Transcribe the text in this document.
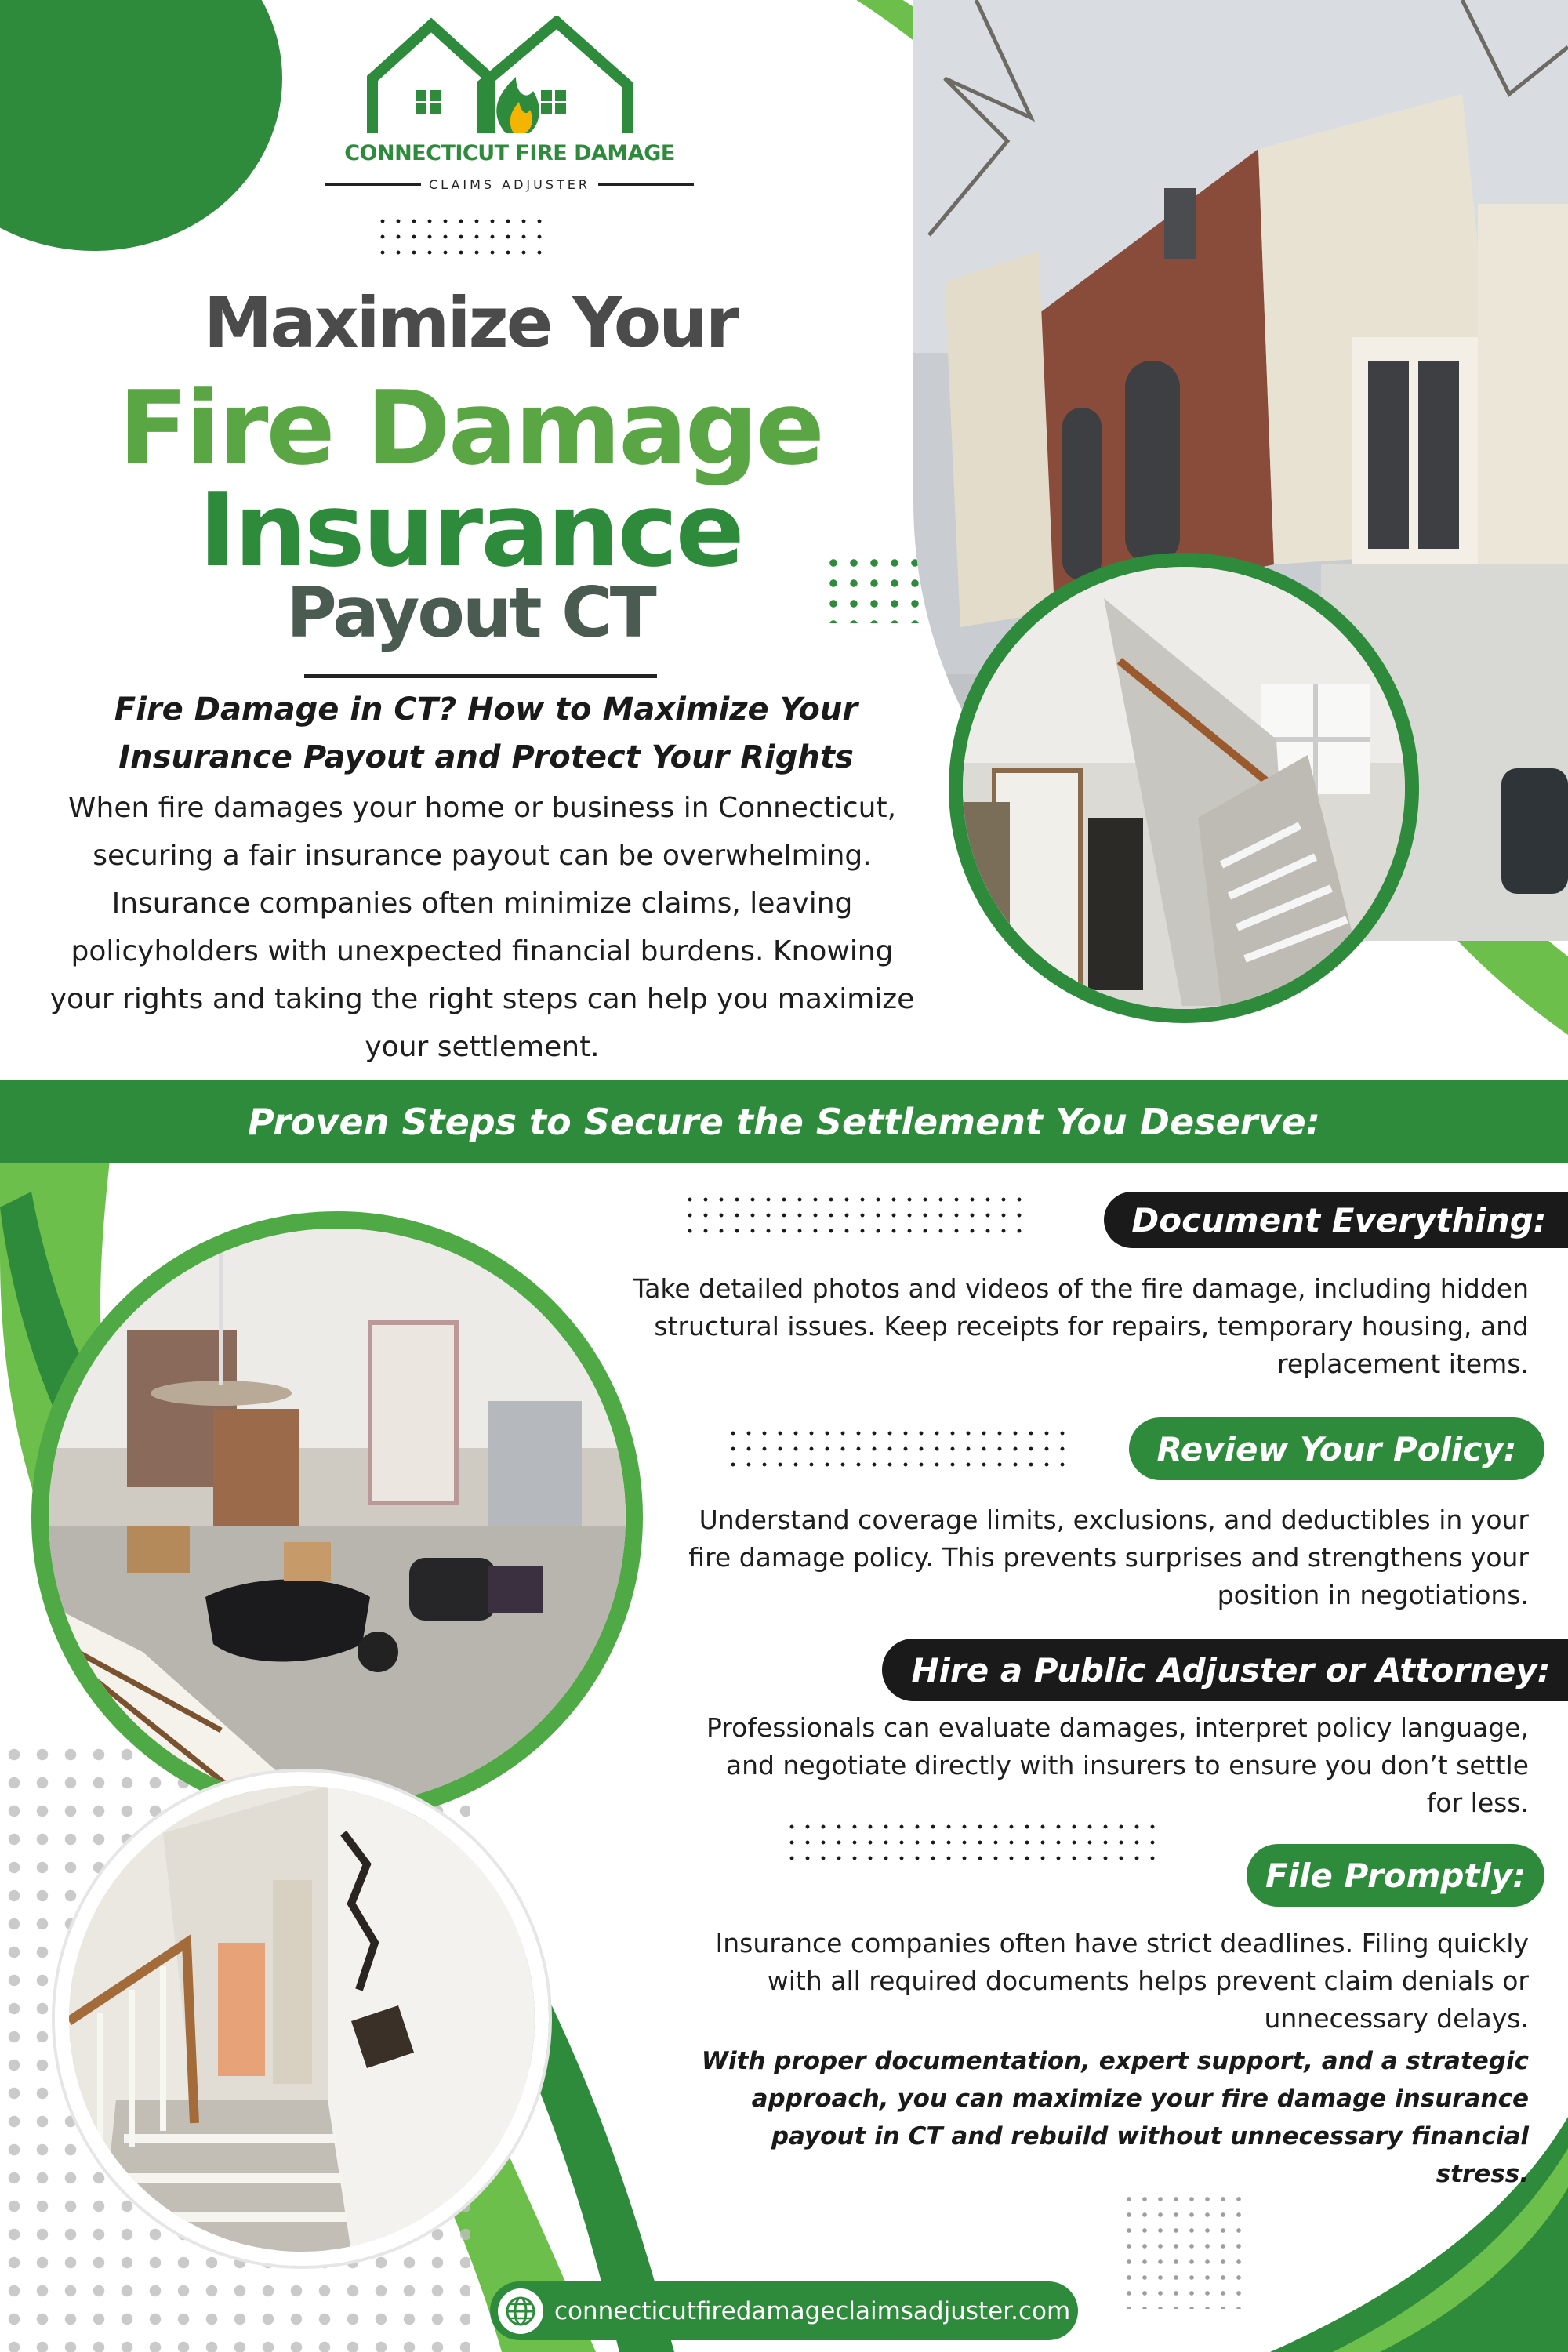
CONNECTICUT FIRE DAMAGE
CLAIMS ADJUSTER
Maximize Your
Fire Damage
Insurance
Payout CT
Fire Damage in CT? How to Maximize Your Insurance Payout and Protect Your Rights
When fire damages your home or business in Connecticut, securing a fair insurance payout can be overwhelming. Insurance companies often minimize claims, leaving policyholders with unexpected financial burdens. Knowing your rights and taking the right steps can help you maximize your settlement.
Proven Steps to Secure the Settlement You Deserve:
Document Everything:
Take detailed photos and videos of the fire damage, including hidden structural issues. Keep receipts for repairs, temporary housing, and replacement items.
Review Your Policy:
Understand coverage limits, exclusions, and deductibles in your fire damage policy. This prevents surprises and strengthens your position in negotiations.
Hire a Public Adjuster or Attorney:
Professionals can evaluate damages, interpret policy language, and negotiate directly with insurers to ensure you don’t settle for less.
File Promptly:
Insurance companies often have strict deadlines. Filing quickly with all required documents helps prevent claim denials or unnecessary delays.
With proper documentation, expert support, and a strategic approach, you can maximize your fire damage insurance payout in CT and rebuild without unnecessary financial stress.
connecticutfiredamageclaimsadjuster.com
